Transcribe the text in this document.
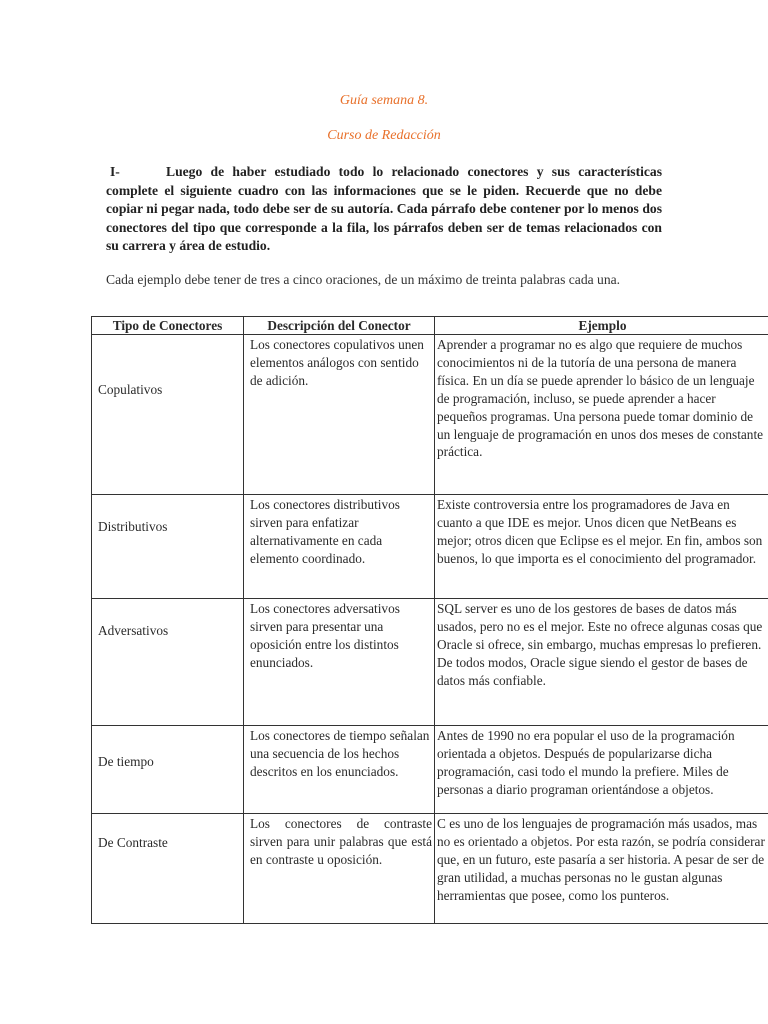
Guía semana 8.
Curso de Redacción
I-	Luego de haber estudiado todo lo relacionado conectores y sus características complete el siguiente cuadro con las informaciones que se le piden. Recuerde que no debe copiar ni pegar nada, todo debe ser de su autoría. Cada párrafo debe contener por lo menos dos conectores del tipo que corresponde a la fila, los párrafos deben ser de temas relacionados con su carrera y área de estudio.
Cada ejemplo debe tener de tres a cinco oraciones, de un máximo de treinta palabras cada una.
Tipo de Conectores	Descripción del Conector	Ejemplo

Copulativos	Los conectores copulativos unen elementos análogos con sentido de adición.	Aprender a programar no es algo que requiere de muchos conocimientos ni de la tutoría de una persona de manera física. En un día se puede aprender lo básico de un lenguaje de programación, incluso, se puede aprender a hacer pequeños programas. Una persona puede tomar dominio de un lenguaje de programación en unos dos meses de constante práctica.

Distributivos	Los conectores distributivos sirven para enfatizar alternativamente en cada elemento coordinado.	Existe controversia entre los programadores de Java en cuanto a que IDE es mejor. Unos dicen que NetBeans es mejor; otros dicen que Eclipse es el mejor. En fin, ambos son buenos, lo que importa es el conocimiento del programador.

Adversativos	Los conectores adversativos sirven para presentar una oposición entre los distintos enunciados.	SQL server es uno de los gestores de bases de datos más usados, pero no es el mejor. Este no ofrece algunas cosas que Oracle si ofrece, sin embargo, muchas empresas lo prefieren. De todos modos, Oracle sigue siendo el gestor de bases de datos más confiable.

De tiempo	Los conectores de tiempo señalan una secuencia de los hechos descritos en los enunciados.	Antes de 1990 no era popular el uso de la programación orientada a objetos. Después de popularizarse dicha programación, casi todo el mundo la prefiere. Miles de personas a diario programan orientándose a objetos.

De Contraste	Los conectores de contraste sirven para unir palabras que está en contraste u oposición.	C es uno de los lenguajes de programación más usados, mas no es orientado a objetos. Por esta razón, se podría considerar que, en un futuro, este pasaría a ser historia. A pesar de ser de gran utilidad, a muchas personas no le gustan algunas herramientas que posee, como los punteros.
